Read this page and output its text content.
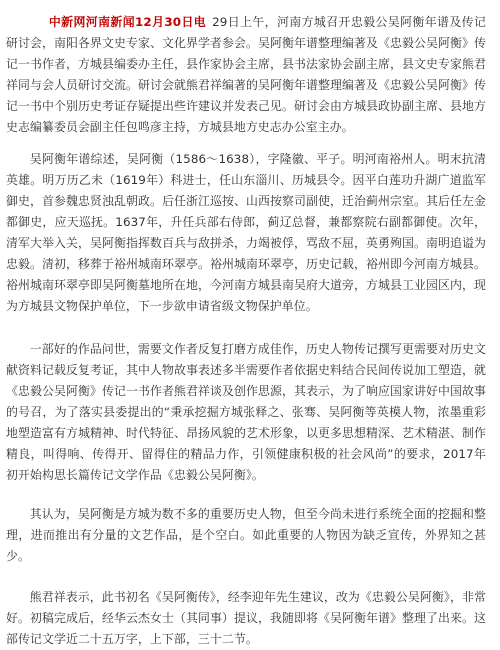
中新网河南新闻12月30日电 29日上午，河南方城召开忠毅公吴阿衡年谱及传记研讨会，南阳各界文史专家、文化界学者参会。吴阿衡年谱整理编著及《忠毅公吴阿衡》传记一书作者，方城县编委办主任，县作家协会主席，县书法家协会副主席，县文史专家熊君祥同与会人员研讨交流。研讨会就熊君祥编著的吴阿衡年谱整理编著及《忠毅公吴阿衡》传记一书中个别历史考证存疑提出些许建议并发表己见。研讨会由方城县政协副主席、县地方史志编纂委员会副主任包鸣彦主持，方城县地方史志办公室主办。

吴阿衡年谱综述，吴阿衡（1586～1638），字隆徽、平子。明河南裕州人。明末抗清英雄。明万历乙未（1619年）科进士，任山东淄川、历城县令。因平白莲功升湖广道监军御史，首参魏忠贤浊乱朝政。后任浙江巡按、山西按察司副使，迁治蓟州宗室。其后任左金都御史，应天巡抚。1637年，升任兵部右侍郎，蓟辽总督，兼都察院右副都御使。次年，清军大举入关，吴阿衡指挥数百兵与敌拼杀，力竭被俘，骂敌不屈，英勇殉国。南明追谥为忠毅。清初，移葬于裕州城南环翠亭。裕州城南环翠亭，历史记载，裕州即今河南方城县。裕州城南环翠亭即吴阿衡墓地所在地，今河南方城县南吴府大道旁，方城县工业园区内，现为方城县文物保护单位，下一步欲申请省级文物保护单位。

一部好的作品问世，需要文作者反复打磨方成佳作，历史人物传记撰写更需要对历史文献资料记载反复考证，其中人物故事表述多半需要作者依据史料结合民间传说加工塑造，就《忠毅公吴阿衡》传记一书作者熊君祥谈及创作思源，其表示，为了响应国家讲好中国故事的号召，为了落实县委提出的“秉承挖掘方城张释之、张骞、吴阿衡等英模人物，浓墨重彩地塑造富有方城精神、时代特征、昂扬风貌的艺术形象，以更多思想精深、艺术精湛、制作精良，叫得响、传得开、留得住的精品力作，引领健康积极的社会风尚”的要求，2017年初开始构思长篇传记文学作品《忠毅公吴阿衡》。

其认为，吴阿衡是方城为数不多的重要历史人物，但至今尚未进行系统全面的挖掘和整理，进而推出有分量的文艺作品，是个空白。如此重要的人物因为缺乏宣传，外界知之甚少。

熊君祥表示，此书初名《吴阿衡传》，经李迎年先生建议，改为《忠毅公吴阿衡》，非常好。初稿完成后，经华云杰女士（其同事）提议，我随即将《吴阿衡年谱》整理了出来。这部传记文学近二十五万字，上下部，三十二节。
